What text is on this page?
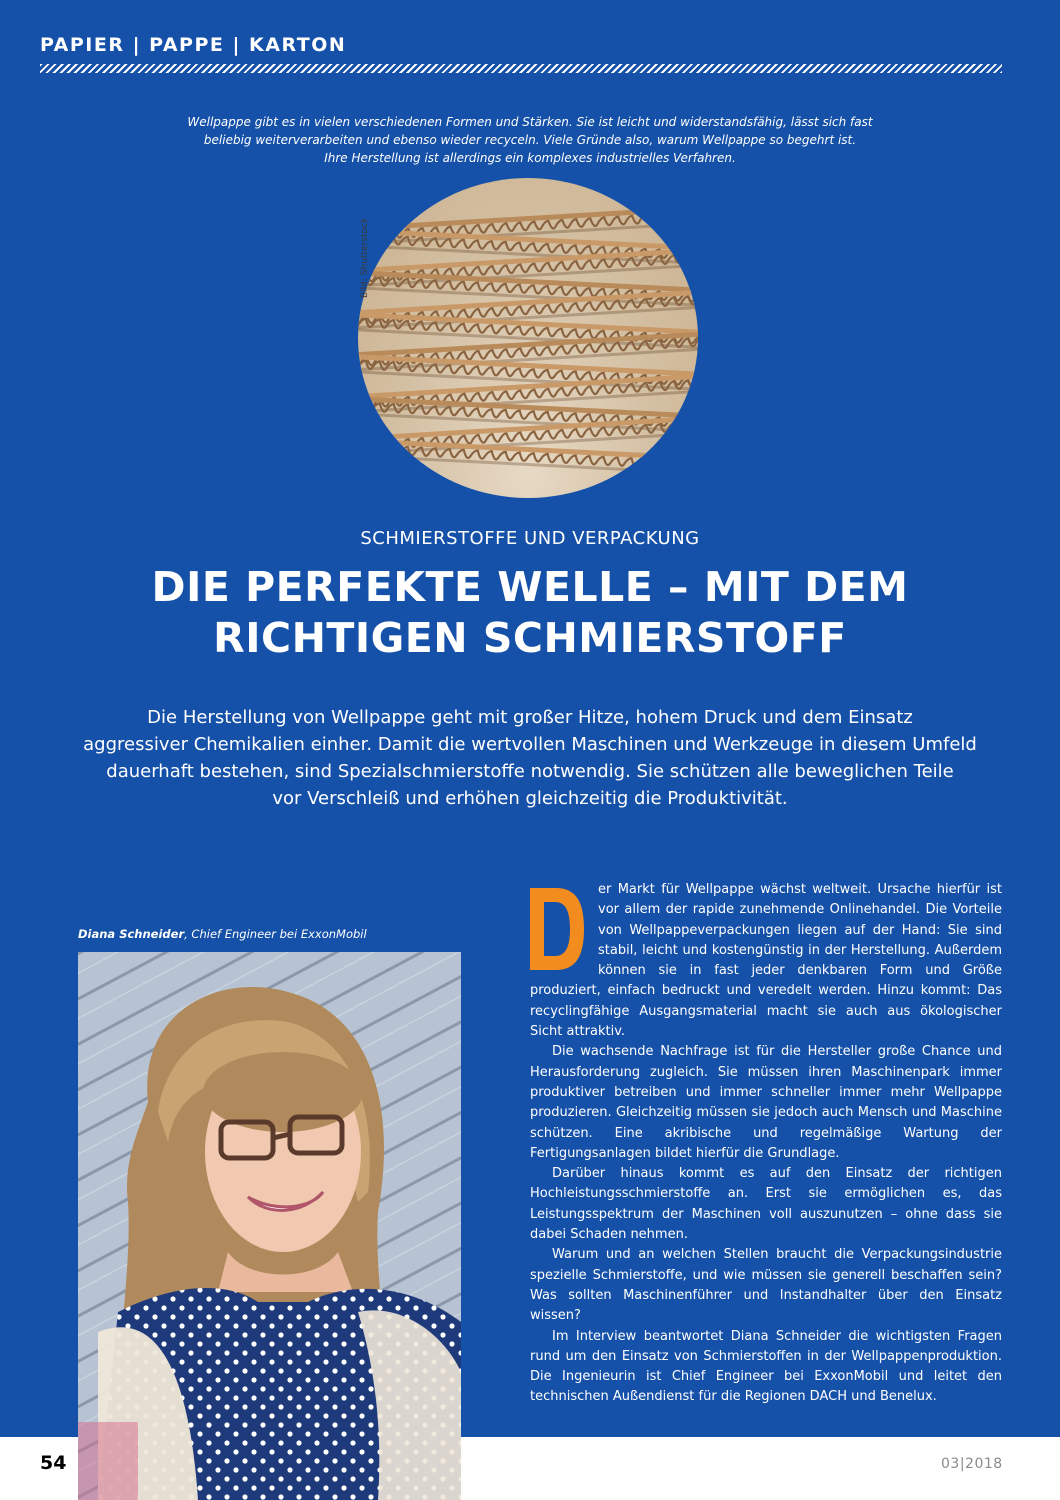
PAPIER | PAPPE | KARTON
Wellpappe gibt es in vielen verschiedenen Formen und Stärken. Sie ist leicht und widerstandsfähig, lässt sich fast
beliebig weiterverarbeiten und ebenso wieder recyceln. Viele Gründe also, warum Wellpappe so begehrt ist.
Ihre Herstellung ist allerdings ein komplexes industrielles Verfahren.
Bild: Shutterstock
SCHMIERSTOFFE UND VERPACKUNG
DIE PERFEKTE WELLE – MIT DEM
RICHTIGEN SCHMIERSTOFF
Die Herstellung von Wellpappe geht mit großer Hitze, hohem Druck und dem Einsatz
aggressiver Chemikalien einher. Damit die wertvollen Maschinen und Werkzeuge in diesem Umfeld
dauerhaft bestehen, sind Spezialschmierstoffe notwendig. Sie schützen alle beweglichen Teile
vor Verschleiß und erhöhen gleichzeitig die Produktivität.
Diana Schneider, Chief Engineer bei ExxonMobil

er Markt für Wellpappe wächst weltweit. Ursache hierfür ist vor allem der rapide zunehmende Onlinehandel. Die Vorteile von Wellpappeverpackungen liegen auf der Hand: Sie sind stabil, leicht und kostengünstig in der Herstellung. Außerdem können sie in fast jeder denkbaren Form und Größe produziert, einfach bedruckt und veredelt werden. Hinzu kommt: Das recyclingfähige Ausgangsmaterial macht sie auch aus ökologischer Sicht attraktiv.

Die wachsende Nachfrage ist für die Hersteller große Chance und Herausforderung zugleich. Sie müssen ihren Maschinenpark immer produktiver betreiben und immer schneller immer mehr Wellpappe produzieren. Gleichzeitig müssen sie jedoch auch Mensch und Maschine schützen. Eine akribische und regelmäßige Wartung der Fertigungsanlagen bildet hierfür die Grundlage.

Darüber hinaus kommt es auf den Einsatz der richtigen Hochleistungsschmierstoffe an. Erst sie ermöglichen es, das Leistungsspektrum der Maschinen voll auszunutzen – ohne dass sie dabei Schaden nehmen.

Warum und an welchen Stellen braucht die Verpackungsindustrie spezielle Schmierstoffe, und wie müssen sie generell beschaffen sein? Was sollten Maschinenführer und Instandhalter über den Einsatz wissen?

Im Interview beantwortet Diana Schneider die wichtigsten Fragen rund um den Einsatz von Schmierstoffen in der Wellpappenproduktion. Die Ingenieurin ist Chief Engineer bei ExxonMobil und leitet den technischen Außendienst für die Regionen DACH und Benelux.

54	03|2018
